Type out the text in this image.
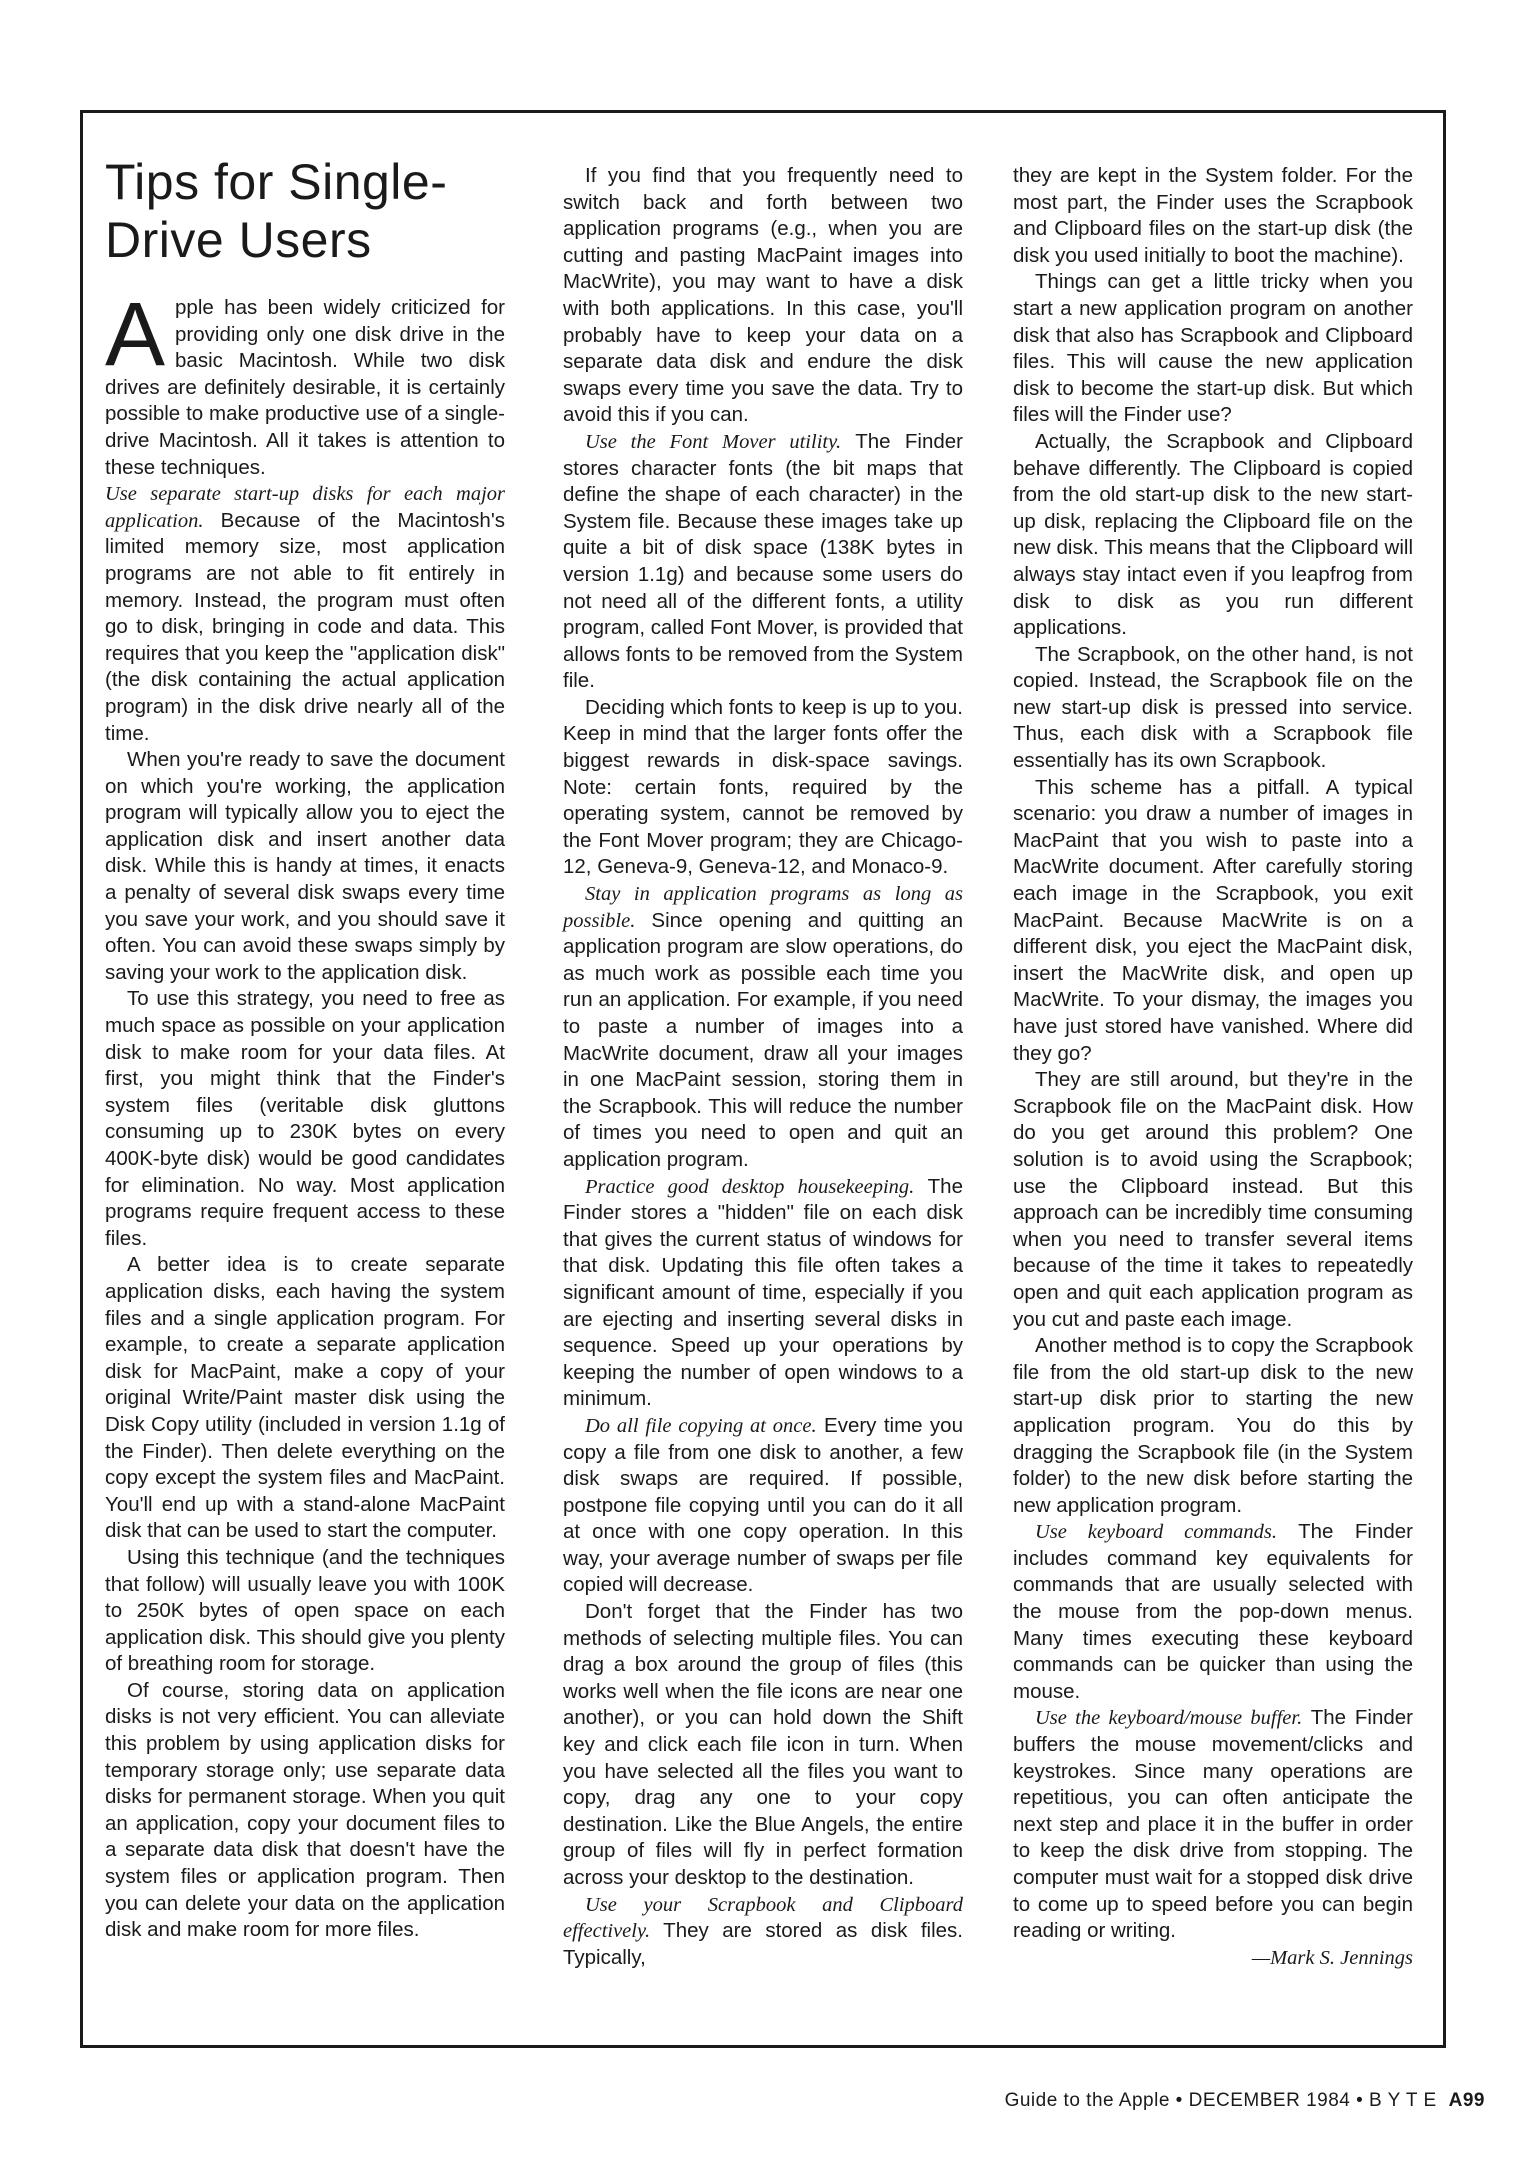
Tips for Single-Drive Users

Apple has been widely criticized for providing only one disk drive in the basic Macintosh. While two disk drives are definitely desirable, it is certainly possible to make productive use of a single-drive Macintosh. All it takes is attention to these techniques.

Use separate start-up disks for each major application. Because of the Macintosh's limited memory size, most application programs are not able to fit entirely in memory. Instead, the program must often go to disk, bringing in code and data. This requires that you keep the "application disk" (the disk containing the actual application program) in the disk drive nearly all of the time.

When you're ready to save the document on which you're working, the application program will typically allow you to eject the application disk and insert another data disk. While this is handy at times, it enacts a penalty of several disk swaps every time you save your work, and you should save it often. You can avoid these swaps simply by saving your work to the application disk.

To use this strategy, you need to free as much space as possible on your application disk to make room for your data files. At first, you might think that the Finder's system files (veritable disk gluttons consuming up to 230K bytes on every 400K-byte disk) would be good candidates for elimination. No way. Most application programs require frequent access to these files.

A better idea is to create separate application disks, each having the system files and a single application program. For example, to create a separate application disk for MacPaint, make a copy of your original Write/Paint master disk using the Disk Copy utility (included in version 1.1g of the Finder). Then delete everything on the copy except the system files and MacPaint. You'll end up with a stand-alone MacPaint disk that can be used to start the computer.

Using this technique (and the techniques that follow) will usually leave you with 100K to 250K bytes of open space on each application disk. This should give you plenty of breathing room for storage.

Of course, storing data on application disks is not very efficient. You can alleviate this problem by using application disks for temporary storage only; use separate data disks for permanent storage. When you quit an application, copy your document files to a separate data disk that doesn't have the system files or application program. Then you can delete your data on the application disk and make room for more files.

If you find that you frequently need to switch back and forth between two application programs (e.g., when you are cutting and pasting MacPaint images into MacWrite), you may want to have a disk with both applications. In this case, you'll probably have to keep your data on a separate data disk and endure the disk swaps every time you save the data. Try to avoid this if you can.

Use the Font Mover utility. The Finder stores character fonts (the bit maps that define the shape of each character) in the System file. Because these images take up quite a bit of disk space (138K bytes in version 1.1g) and because some users do not need all of the different fonts, a utility program, called Font Mover, is provided that allows fonts to be removed from the System file.

Deciding which fonts to keep is up to you. Keep in mind that the larger fonts offer the biggest rewards in disk-space savings. Note: certain fonts, required by the operating system, cannot be removed by the Font Mover program; they are Chicago-12, Geneva-9, Geneva-12, and Monaco-9.

Stay in application programs as long as possible. Since opening and quitting an application program are slow operations, do as much work as possible each time you run an application. For example, if you need to paste a number of images into a MacWrite document, draw all your images in one MacPaint session, storing them in the Scrapbook. This will reduce the number of times you need to open and quit an application program.

Practice good desktop housekeeping. The Finder stores a "hidden" file on each disk that gives the current status of windows for that disk. Updating this file often takes a significant amount of time, especially if you are ejecting and inserting several disks in sequence. Speed up your operations by keeping the number of open windows to a minimum.

Do all file copying at once. Every time you copy a file from one disk to another, a few disk swaps are required. If possible, postpone file copying until you can do it all at once with one copy operation. In this way, your average number of swaps per file copied will decrease.

Don't forget that the Finder has two methods of selecting multiple files. You can drag a box around the group of files (this works well when the file icons are near one another), or you can hold down the Shift key and click each file icon in turn. When you have selected all the files you want to copy, drag any one to your copy destination. Like the Blue Angels, the entire group of files will fly in perfect formation across your desktop to the destination.

Use your Scrapbook and Clipboard effectively. They are stored as disk files. Typically,

they are kept in the System folder. For the most part, the Finder uses the Scrapbook and Clipboard files on the start-up disk (the disk you used initially to boot the machine).

Things can get a little tricky when you start a new application program on another disk that also has Scrapbook and Clipboard files. This will cause the new application disk to become the start-up disk. But which files will the Finder use?

Actually, the Scrapbook and Clipboard behave differently. The Clipboard is copied from the old start-up disk to the new start-up disk, replacing the Clipboard file on the new disk. This means that the Clipboard will always stay intact even if you leapfrog from disk to disk as you run different applications.

The Scrapbook, on the other hand, is not copied. Instead, the Scrapbook file on the new start-up disk is pressed into service. Thus, each disk with a Scrapbook file essentially has its own Scrapbook.

This scheme has a pitfall. A typical scenario: you draw a number of images in MacPaint that you wish to paste into a MacWrite document. After carefully storing each image in the Scrapbook, you exit MacPaint. Because MacWrite is on a different disk, you eject the MacPaint disk, insert the MacWrite disk, and open up MacWrite. To your dismay, the images you have just stored have vanished. Where did they go?

They are still around, but they're in the Scrapbook file on the MacPaint disk. How do you get around this problem? One solution is to avoid using the Scrapbook; use the Clipboard instead. But this approach can be incredibly time consuming when you need to transfer several items because of the time it takes to repeatedly open and quit each application program as you cut and paste each image.

Another method is to copy the Scrapbook file from the old start-up disk to the new start-up disk prior to starting the new application program. You do this by dragging the Scrapbook file (in the System folder) to the new disk before starting the new application program.

Use keyboard commands. The Finder includes command key equivalents for commands that are usually selected with the mouse from the pop-down menus. Many times executing these keyboard commands can be quicker than using the mouse.

Use the keyboard/mouse buffer. The Finder buffers the mouse movement/clicks and keystrokes. Since many operations are repetitious, you can often anticipate the next step and place it in the buffer in order to keep the disk drive from stopping. The computer must wait for a stopped disk drive to come up to speed before you can begin reading or writing.

—Mark S. Jennings

Guide to the Apple • DECEMBER 1984 • B Y T E A99
